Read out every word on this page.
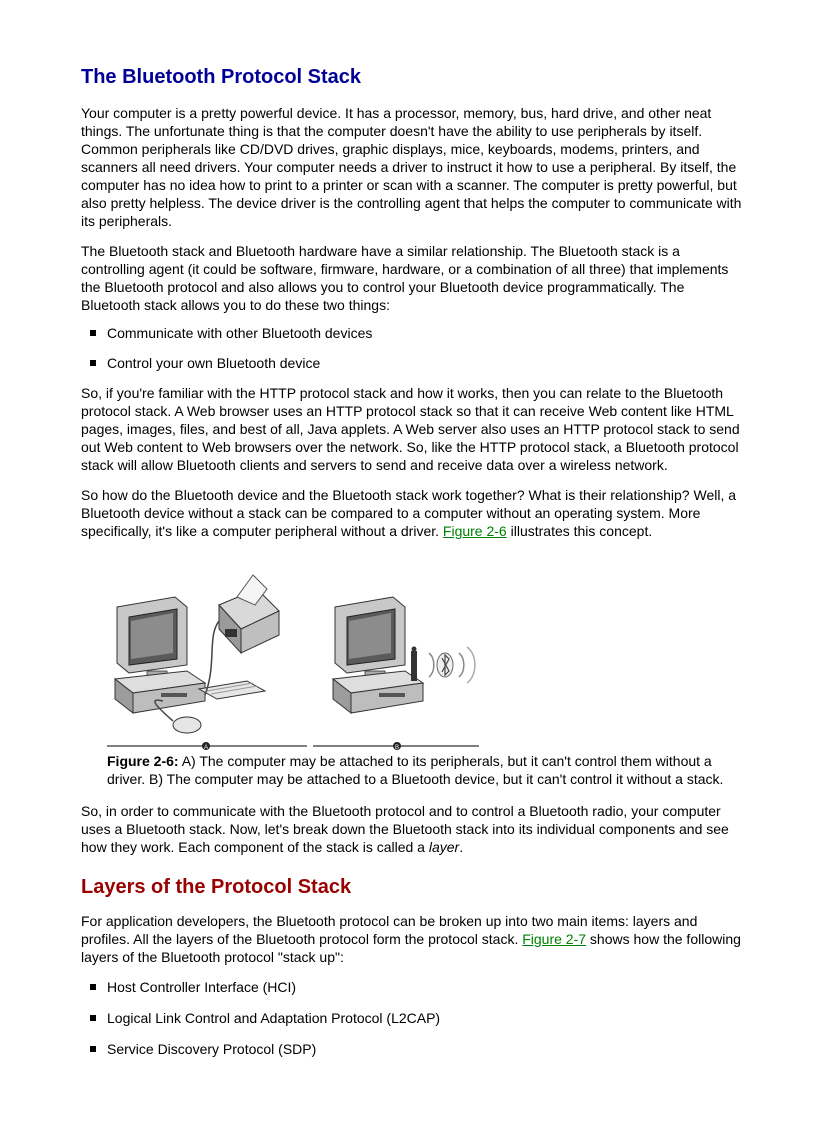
The Bluetooth Protocol Stack

Your computer is a pretty powerful device. It has a processor, memory, bus, hard drive, and other neat things. The unfortunate thing is that the computer doesn't have the ability to use peripherals by itself. Common peripherals like CD/DVD drives, graphic displays, mice, keyboards, modems, printers, and scanners all need drivers. Your computer needs a driver to instruct it how to use a peripheral. By itself, the computer has no idea how to print to a printer or scan with a scanner. The computer is pretty powerful, but also pretty helpless. The device driver is the controlling agent that helps the computer to communicate with its peripherals.

The Bluetooth stack and Bluetooth hardware have a similar relationship. The Bluetooth stack is a controlling agent (it could be software, firmware, hardware, or a combination of all three) that implements the Bluetooth protocol and also allows you to control your Bluetooth device programmatically. The Bluetooth stack allows you to do these two things:

Communicate with other Bluetooth devices
Control your own Bluetooth device

So, if you're familiar with the HTTP protocol stack and how it works, then you can relate to the Bluetooth protocol stack. A Web browser uses an HTTP protocol stack so that it can receive Web content like HTML pages, images, files, and best of all, Java applets. A Web server also uses an HTTP protocol stack to send out Web content to Web browsers over the network. So, like the HTTP protocol stack, a Bluetooth protocol stack will allow Bluetooth clients and servers to send and receive data over a wireless network.

So how do the Bluetooth device and the Bluetooth stack work together? What is their relationship? Well, a Bluetooth device without a stack can be compared to a computer without an operating system. More specifically, it's like a computer peripheral without a driver. Figure 2-6 illustrates this concept.

A	B
Figure 2-6: A) The computer may be attached to its peripherals, but it can't control them without a driver. B) The computer may be attached to a Bluetooth device, but it can't control it without a stack.

So, in order to communicate with the Bluetooth protocol and to control a Bluetooth radio, your computer uses a Bluetooth stack. Now, let's break down the Bluetooth stack into its individual components and see how they work. Each component of the stack is called a layer.

Layers of the Protocol Stack

For application developers, the Bluetooth protocol can be broken up into two main items: layers and profiles. All the layers of the Bluetooth protocol form the protocol stack. Figure 2-7 shows how the following layers of the Bluetooth protocol "stack up":

Host Controller Interface (HCI)
Logical Link Control and Adaptation Protocol (L2CAP)
Service Discovery Protocol (SDP)
